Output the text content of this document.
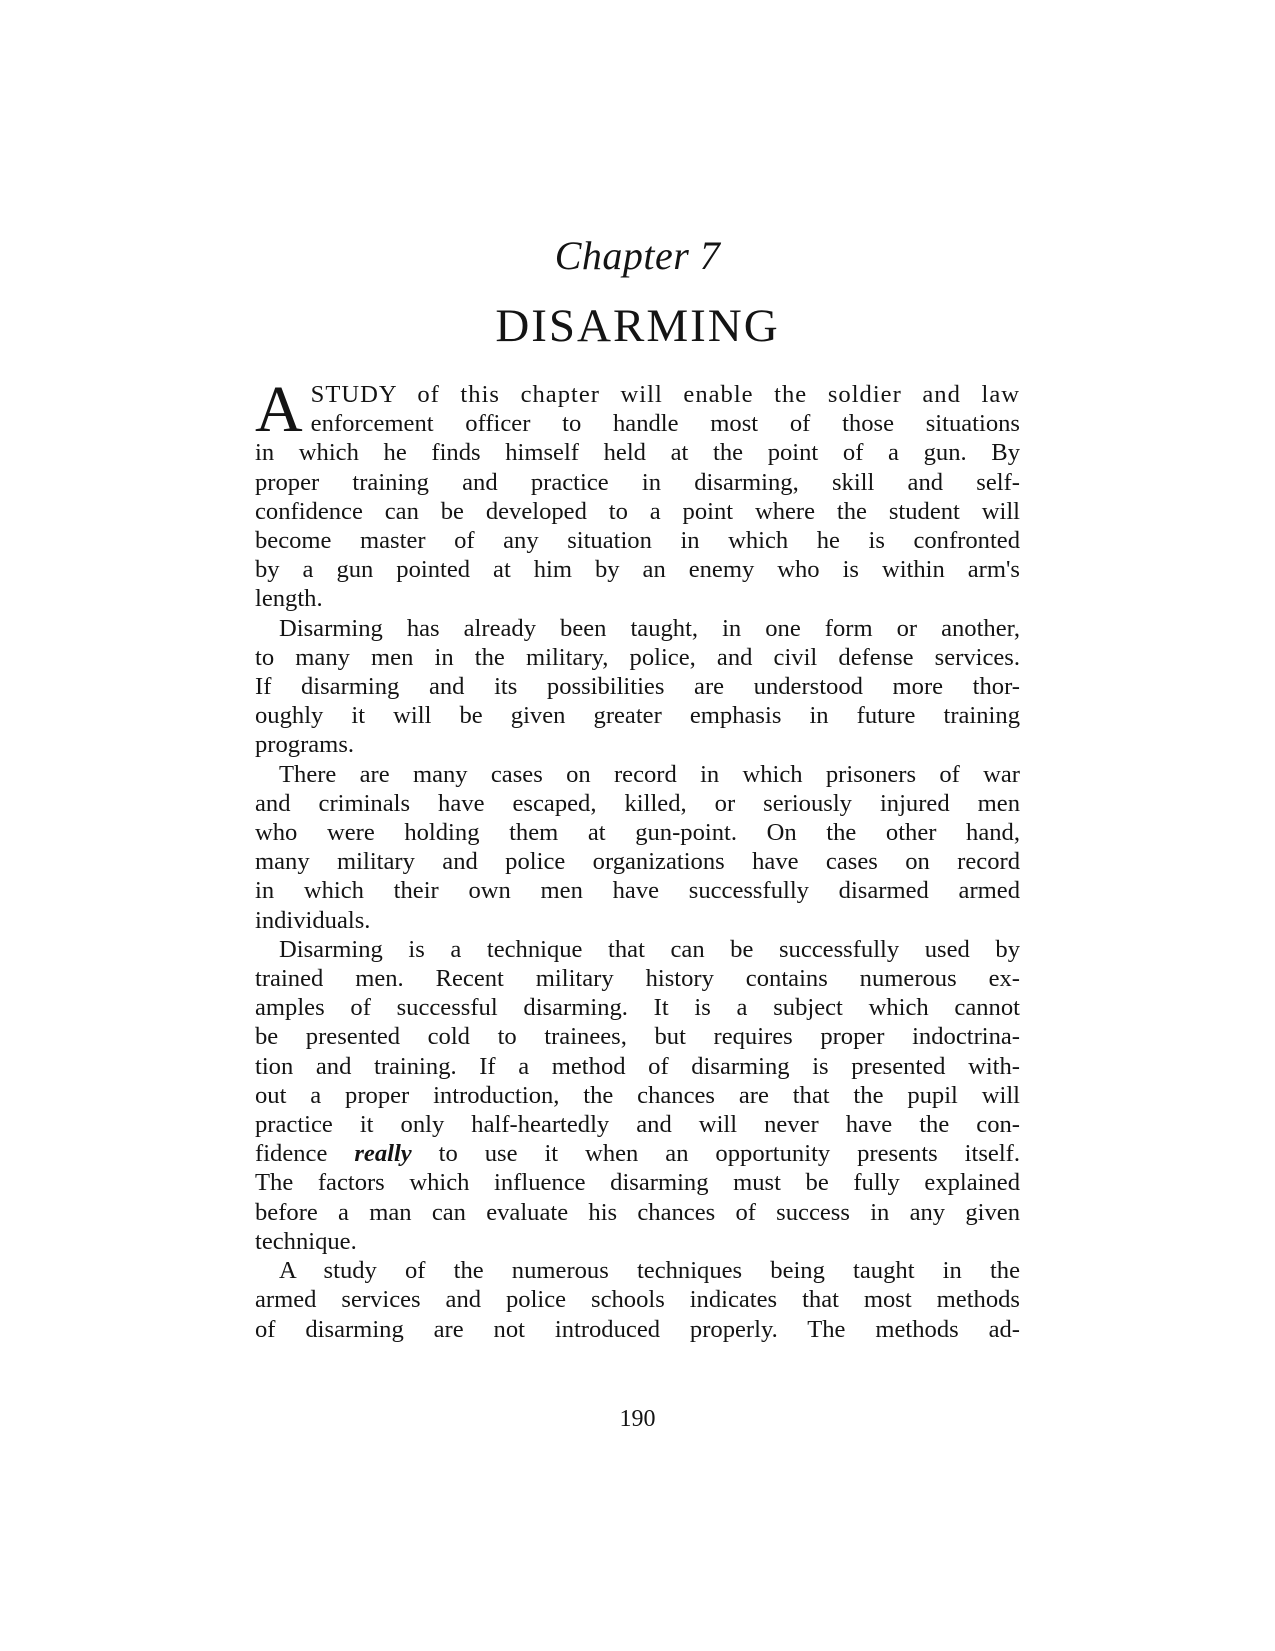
Chapter 7
DISARMING

A STUDY of this chapter will enable the soldier and law
enforcement officer to handle most of those situations
in which he finds himself held at the point of a gun. By
proper training and practice in disarming, skill and self-
confidence can be developed to a point where the student will
become master of any situation in which he is confronted
by a gun pointed at him by an enemy who is within arm's
length.

Disarming has already been taught, in one form or another,
to many men in the military, police, and civil defense services.
If disarming and its possibilities are understood more thor-
oughly it will be given greater emphasis in future training
programs.

There are many cases on record in which prisoners of war
and criminals have escaped, killed, or seriously injured men
who were holding them at gun-point. On the other hand,
many military and police organizations have cases on record
in which their own men have successfully disarmed armed
individuals.

Disarming is a technique that can be successfully used by
trained men. Recent military history contains numerous ex-
amples of successful disarming. It is a subject which cannot
be presented cold to trainees, but requires proper indoctrina-
tion and training. If a method of disarming is presented with-
out a proper introduction, the chances are that the pupil will
practice it only half-heartedly and will never have the con-
fidence really to use it when an opportunity presents itself.
The factors which influence disarming must be fully explained
before a man can evaluate his chances of success in any given
technique.

A study of the numerous techniques being taught in the
armed services and police schools indicates that most methods
of disarming are not introduced properly. The methods ad-

190
